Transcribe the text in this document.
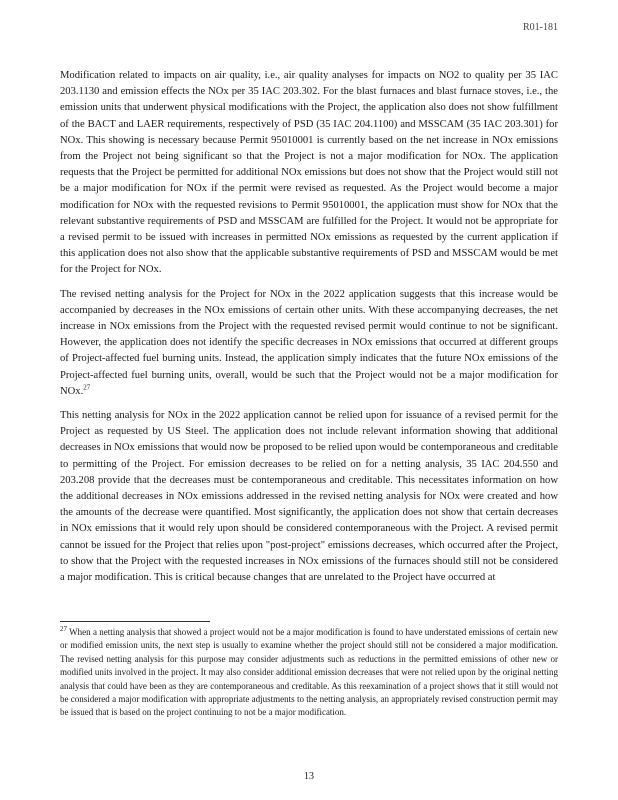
R01-181

Modification related to impacts on air quality, i.e., air quality analyses for impacts on NO2 to quality per 35 IAC 203.1130 and emission effects the NOx per 35 IAC 203.302. For the blast furnaces and blast furnace stoves, i.e., the emission units that underwent physical modifications with the Project, the application also does not show fulfillment of the BACT and LAER requirements, respectively of PSD (35 IAC 204.1100) and MSSCAM (35 IAC 203.301) for NOx. This showing is necessary because Permit 95010001 is currently based on the net increase in NOx emissions from the Project not being significant so that the Project is not a major modification for NOx. The application requests that the Project be permitted for additional NOx emissions but does not show that the Project would still not be a major modification for NOx if the permit were revised as requested. As the Project would become a major modification for NOx with the requested revisions to Permit 95010001, the application must show for NOx that the relevant substantive requirements of PSD and MSSCAM are fulfilled for the Project. It would not be appropriate for a revised permit to be issued with increases in permitted NOx emissions as requested by the current application if this application does not also show that the applicable substantive requirements of PSD and MSSCAM would be met for the Project for NOx.

The revised netting analysis for the Project for NOx in the 2022 application suggests that this increase would be accompanied by decreases in the NOx emissions of certain other units. With these accompanying decreases, the net increase in NOx emissions from the Project with the requested revised permit would continue to not be significant. However, the application does not identify the specific decreases in NOx emissions that occurred at different groups of Project-affected fuel burning units. Instead, the application simply indicates that the future NOx emissions of the Project-affected fuel burning units, overall, would be such that the Project would not be a major modification for NOx.$^{27}$

This netting analysis for NOx in the 2022 application cannot be relied upon for issuance of a revised permit for the Project as requested by US Steel. The application does not include relevant information showing that additional decreases in NOx emissions that would now be proposed to be relied upon would be contemporaneous and creditable to permitting of the Project. For emission decreases to be relied on for a netting analysis, 35 IAC 204.550 and 203.208 provide that the decreases must be contemporaneous and creditable. This necessitates information on how the additional decreases in NOx emissions addressed in the revised netting analysis for NOx were created and how the amounts of the decrease were quantified. Most significantly, the application does not show that certain decreases in NOx emissions that it would rely upon should be considered contemporaneous with the Project. A revised permit cannot be issued for the Project that relies upon "post-project" emissions decreases, which occurred after the Project, to show that the Project with the requested increases in NOx emissions of the furnaces should still not be considered a major modification. This is critical because changes that are unrelated to the Project have occurred at

$^{27}$ When a netting analysis that showed a project would not be a major modification is found to have understated emissions of certain new or modified emission units, the next step is usually to examine whether the project should still not be considered a major modification. The revised netting analysis for this purpose may consider adjustments such as reductions in the permitted emissions of other new or modified units involved in the project. It may also consider additional emission decreases that were not relied upon by the original netting analysis that could have been as they are contemporaneous and creditable. As this reexamination of a project shows that it still would not be considered a major modification with appropriate adjustments to the netting analysis, an appropriately revised construction permit may be issued that is based on the project continuing to not be a major modification.
13
